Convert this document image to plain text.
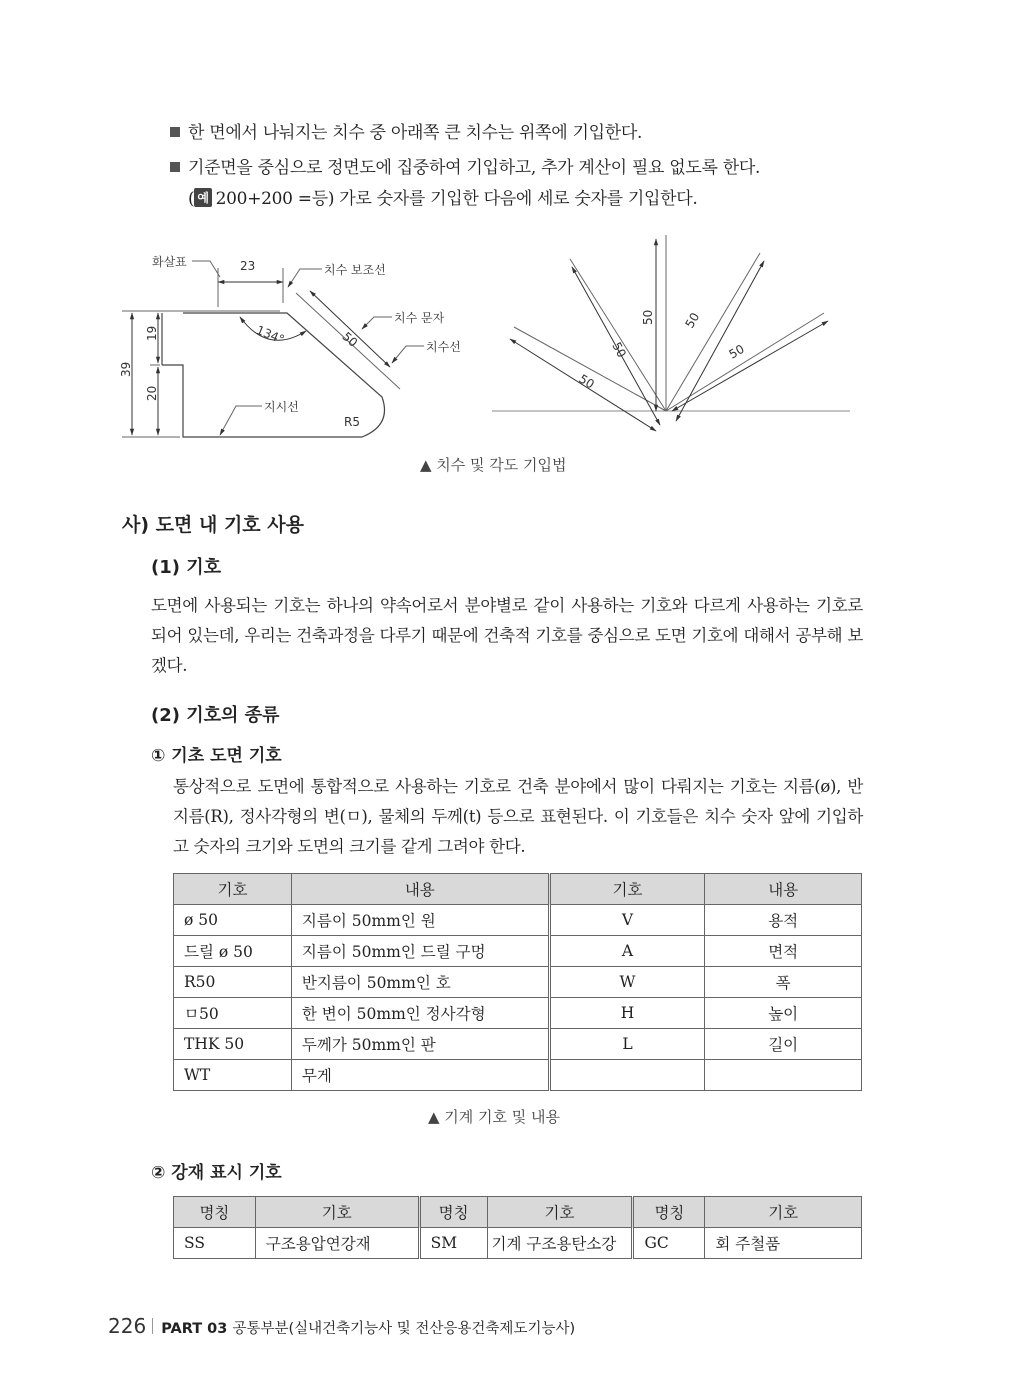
한 면에서 나눠지는 치수 중 아래쪽 큰 치수는 위쪽에 기입한다.
기준면을 중심으로 정면도에 집중하여 기입하고, 추가 계산이 필요 없도록 한다.
( 예 200+200 =등) 가로 숫자를 기입한 다음에 세로 숫자를 기입한다.
23
화살표
치수 보조선
50
치수 문자
치수선
134°
39
19
20
지시선
R5
50
50
50
50
50
▲ 치수 및 각도 기입법
사) 도면 내 기호 사용
(1) 기호
도면에 사용되는 기호는 하나의 약속어로서 분야별로 같이 사용하는 기호와 다르게 사용하는 기호로 되어 있는데, 우리는 건축과정을 다루기 때문에 건축적 기호를 중심으로 도면 기호에 대해서 공부해 보겠다.
(2) 기호의 종류
① 기초 도면 기호
통상적으로 도면에 통합적으로 사용하는 기호로 건축 분야에서 많이 다뤄지는 기호는 지름(ø), 반지름(R), 정사각형의 변(ㅁ), 물체의 두께(t) 등으로 표현된다. 이 기호들은 치수 숫자 앞에 기입하고 숫자의 크기와 도면의 크기를 같게 그려야 한다.
기호	내용	기호	내용
ø 50	지름이 50mm인 원	V	용적
드릴 ø 50	지름이 50mm인 드릴 구멍	A	면적
R50	반지름이 50mm인 호	W	폭
ㅁ50	한 변이 50mm인 정사각형	H	높이
THK 50	두께가 50mm인 판	L	길이
WT	무게		
▲ 기계 기호 및 내용
② 강재 표시 기호
명칭	기호	명칭	기호	명칭	기호
SS	구조용압연강재	SM	기계 구조용탄소강	GC	회 주철품
226 PART 03 공통부분(실내건축기능사 및 전산응용건축제도기능사)
